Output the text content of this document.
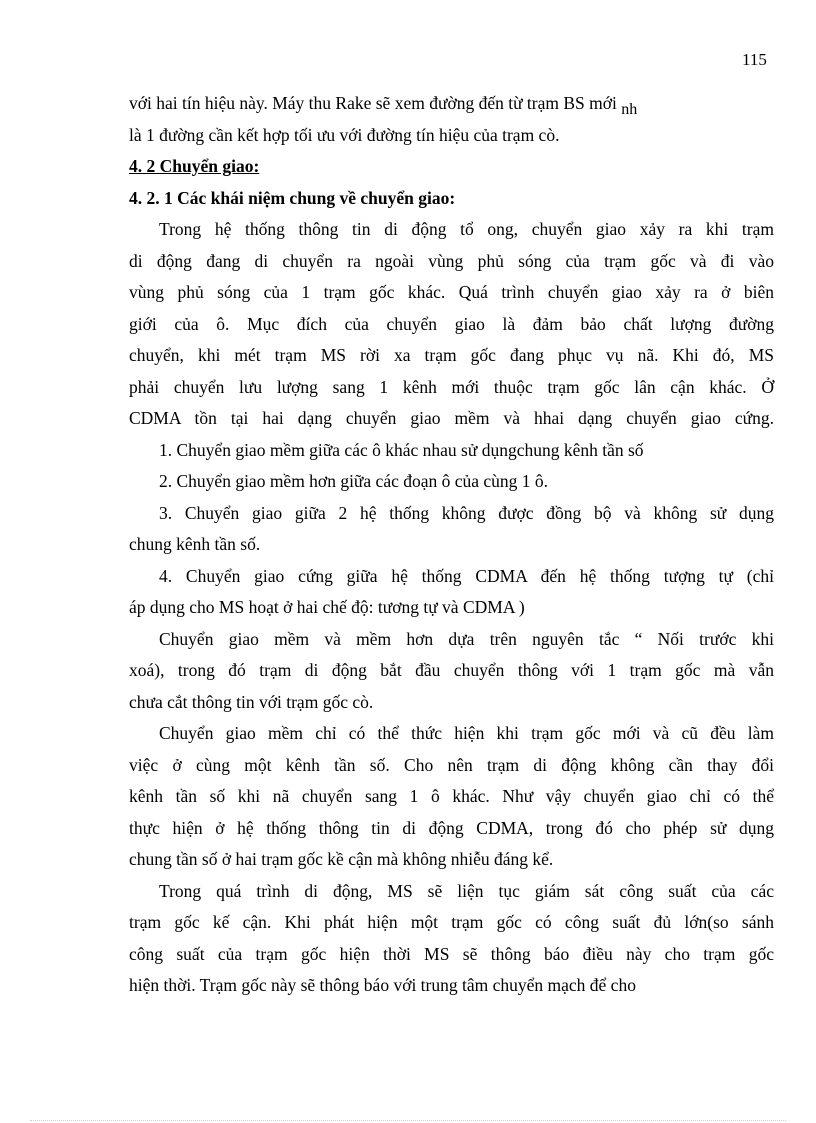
115
với hai tín hiệu này. Máy thu Rake sẽ xem đường đến từ trạm BS mới nh
là 1 đường cần kết hợp tối ưu với đường tín hiệu của trạm cò.
4. 2 Chuyển giao:
4. 2. 1 Các khái niệm chung về chuyển giao:
Trong hệ thống thông tin di động tổ ong, chuyển giao xảy ra khi trạm
di động đang di chuyển ra ngoài vùng phủ sóng của trạm gốc và đi vào
vùng phủ sóng của 1 trạm gốc khác. Quá trình chuyển giao xảy ra ở biên
giới của ô. Mục đích của chuyển giao là đảm bảo chất lượng đường
chuyển, khi mét trạm MS rời xa trạm gốc đang phục vụ nã. Khi đó, MS
phải chuyển lưu lượng sang 1 kênh mới thuộc trạm gốc lân cận khác. Ở
CDMA tồn tại hai dạng chuyển giao mềm và hhai dạng chuyển giao cứng.
1. Chuyển giao mềm giữa các ô khác nhau sử dụngchung kênh tần số
2. Chuyển giao mềm hơn giữa các đoạn ô của cùng 1 ô.
3. Chuyển giao giữa 2 hệ thống không được đồng bộ và không sử dụng
chung kênh tần số.
4. Chuyển giao cứng giữa hệ thống CDMA đến hệ thống tượng tự (chỉ
áp dụng cho MS hoạt ở hai chế độ: tương tự và CDMA )
Chuyển giao mềm và mềm hơn dựa trên nguyên tắc “ Nối trước khi
xoá), trong đó trạm di động bắt đầu chuyển thông với 1 trạm gốc mà vẫn
chưa cắt thông tin với trạm gốc cò.
Chuyển giao mềm chỉ có thể thức hiện khi trạm gốc mới và cũ đều làm
việc ở cùng một kênh tần số. Cho nên trạm di động không cần thay đổi
kênh tần số khi nã chuyển sang 1 ô khác. Như vậy chuyển giao chỉ có thể
thực hiện ở hệ thống thông tin di động CDMA, trong đó cho phép sử dụng
chung tần số ở hai trạm gốc kề cận mà không nhiễu đáng kể.
Trong quá trình di động, MS sẽ liện tục giám sát công suất của các
trạm gốc kế cận. Khi phát hiện một trạm gốc có công suất đủ lớn(so sánh
công suất của trạm gốc hiện thời MS sẽ thông báo điều này cho trạm gốc
hiện thời. Trạm gốc này sẽ thông báo với trung tâm chuyển mạch để cho
